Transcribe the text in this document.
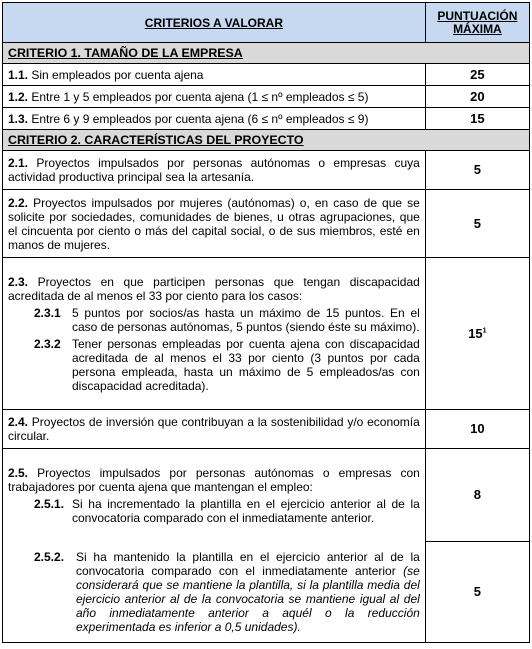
CRITERIOS A VALORAR	PUNTUACIÓN
MÁXIMA

CRITERIO 1. TAMAÑO DE LA EMPRESA	
1.1. Sin empleados por cuenta ajena	25
1.2. Entre 1 y 5 empleados por cuenta ajena (1 ≤ nº empleados ≤ 5)	20
1.3. Entre 6 y 9 empleados por cuenta ajena (6 ≤ nº empleados ≤ 9)	15
CRITERIO 2. CARACTERÍSTICAS DEL PROYECTO	
2.1. Proyectos impulsados por personas autónomas o empresas cuya actividad productiva principal sea la artesanía.	5
2.2. Proyectos impulsados por mujeres (autónomas) o, en caso de que se solicite por sociedades, comunidades de bienes, u otras agrupaciones, que el cincuenta por ciento o más del capital social, o de sus miembros, esté en manos de mujeres.	5

2.3. Proyectos en que participen personas que tengan discapacidad acreditada de al menos el 33 por ciento para los casos:
2.3.1 5 puntos por socios/as hasta un máximo de 15 puntos. En el caso de personas autónomas, 5 puntos (siendo éste su máximo).
2.3.2 Tener personas empleadas por cuenta ajena con discapacidad acreditada de al menos el 33 por ciento (3 puntos por cada persona empleada, hasta un máximo de 5 empleados/as con discapacidad acreditada).	$15^1$
2.4. Proyectos de inversión que contribuyan a la sostenibilidad y/o economía circular.	10

2.5. Proyectos impulsados por personas autónomas o empresas con trabajadores por cuenta ajena que mantengan el empleo:
2.5.1. Si ha incrementado la plantilla en el ejercicio anterior al de la convocatoria comparado con el inmediatamente anterior.	8

2.5.2. Si ha mantenido la plantilla en el ejercicio anterior al de la convocatoria comparado con el inmediatamente anterior (se considerará que se mantiene la plantilla, si la plantilla media del ejercicio anterior al de la convocatoria se mantiene igual al del año inmediatamente anterior a aquél o la reducción experimentada es inferior a 0,5 unidades).	5
